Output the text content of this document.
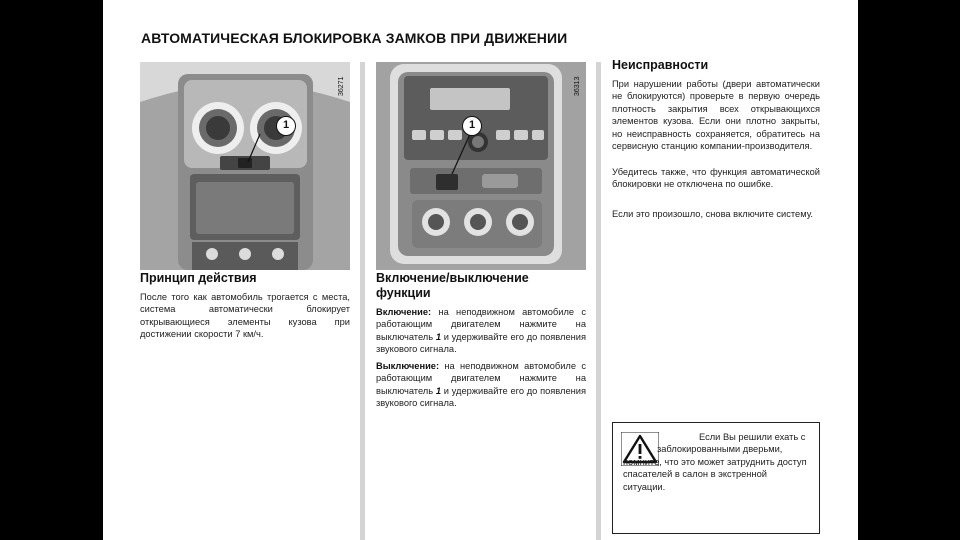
АВТОМАТИЧЕСКАЯ БЛОКИРОВКА ЗАМКОВ ПРИ ДВИЖЕНИИ
36271
1
36313
1
Принцип действия
После того как автомобиль трогается с места, система автоматически блокирует открывающиеся элементы кузова при достижении скорости 7 км/ч.
Включение/выключение
функции
Включение: на неподвижном автомобиле с работающим двигателем нажмите на выключатель 1 и удерживайте его до появления звукового сигнала.
Выключение: на неподвижном автомобиле с работающим двигателем нажмите на выключатель 1 и удерживайте его до появления звукового сигнала.
Неисправности
При нарушении работы (двери автоматически не блокируются) проверьте в первую очередь плотность закрытия всех открывающихся элементов кузова. Если они плотно закрыты, но неисправность сохраняется, обратитесь на сервисную станцию компании-производителя.
Убедитесь также, что функция автоматической блокировки не отключена по ошибке.
Если это произошло, снова включите систему.
Если Вы решили ехать с заблокированными дверьми, помните, что это может затруднить доступ спасателей в салон в экстренной ситуации.
